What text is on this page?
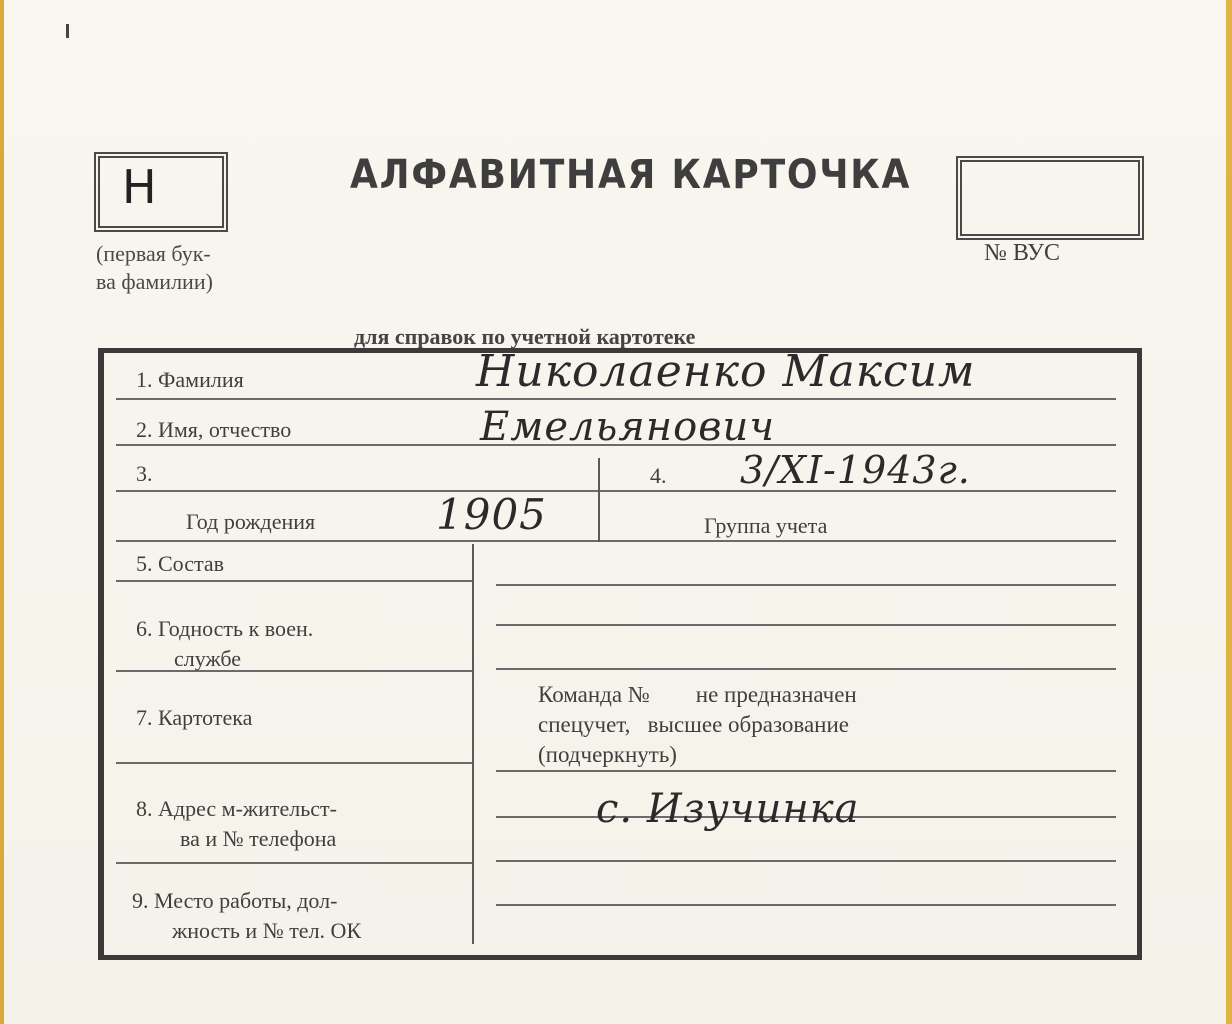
Н
(первая бук-
ва фамилии)
АЛФАВИТНАЯ КАРТОЧКА
№ ВУС
для справок по учетной картотеке
1. Фамилия	Николаенко Максим
2. Имя, отчество	Емельянович
3.	4. 3/XI-1943г.
Год рождения	1905	Группа учета
5. Состав
6. Годность к воен.
службе
7. Картотека
8. Адрес м-жительст-
ва и № телефона
9. Место работы, дол-
жность и № тел. ОК
Команда №        не предназначен
спецучет,   высшее образование
(подчеркнуть)
с. Изучинка
